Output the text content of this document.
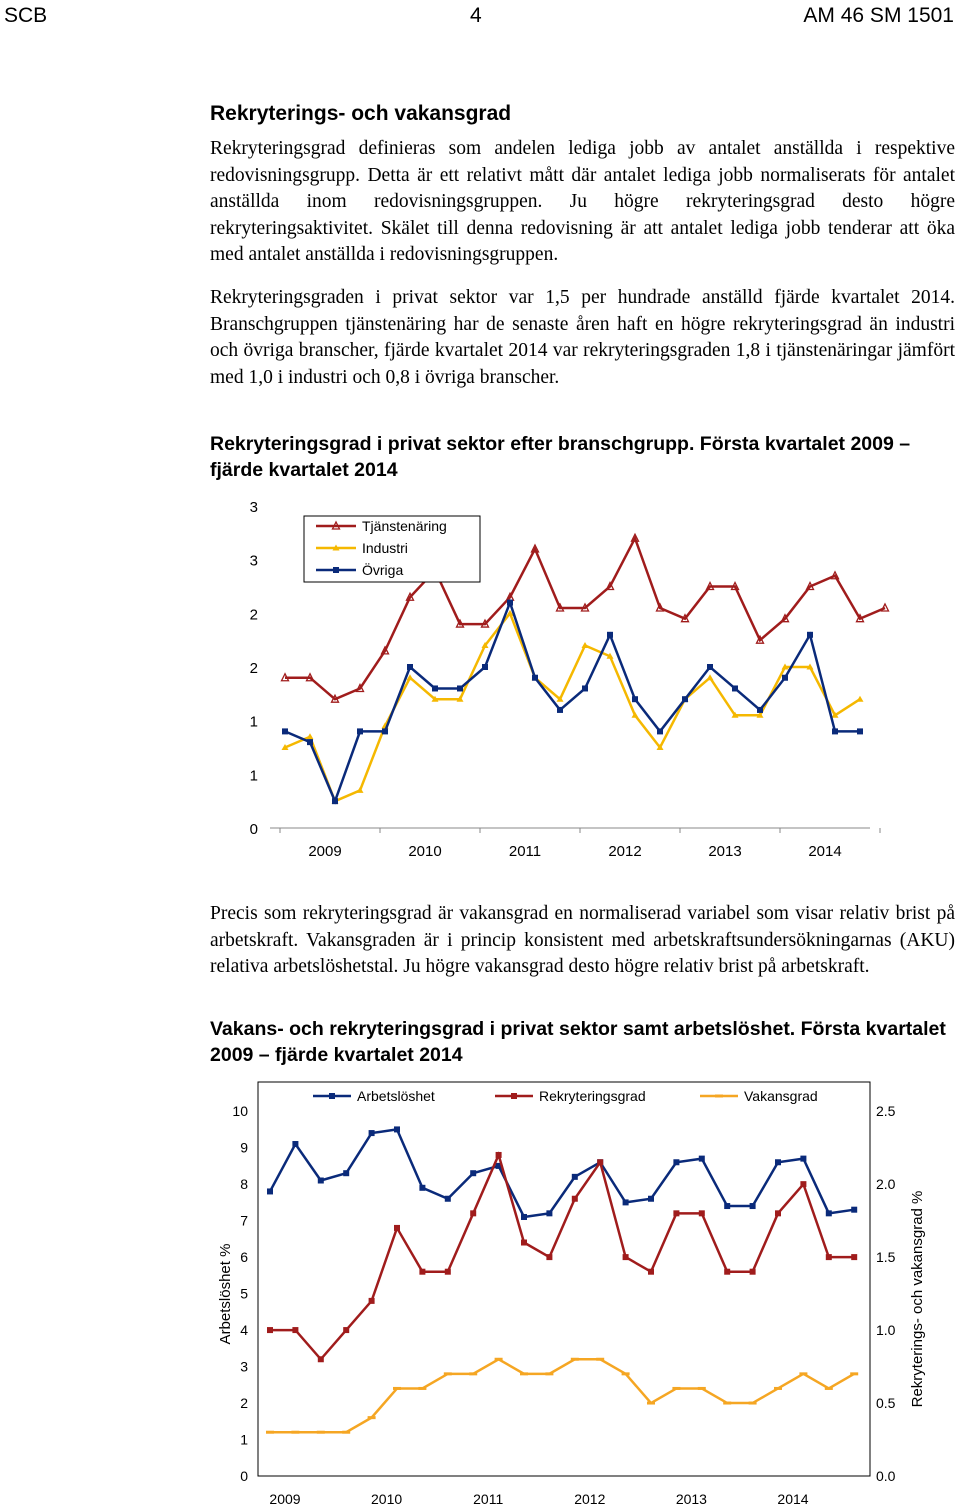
SCB	4	AM 46 SM 1501
Rekryterings- och vakansgrad

Rekryteringsgrad definieras som andelen lediga jobb av antalet anställda i respektive redovisningsgrupp. Detta är ett relativt mått där antalet lediga jobb normaliserats för antalet anställda inom redovisningsgruppen. Ju högre rekryteringsgrad desto högre rekryteringsaktivitet. Skälet till denna redovisning är att antalet lediga jobb tenderar att öka med antalet anställda i redovisningsgruppen.

Rekryteringsgraden i privat sektor var 1,5 per hundrade anställd fjärde kvartalet 2014. Branschgruppen tjänstenäring har de senaste åren haft en högre rekryteringsgrad än industri och övriga branscher, fjärde kvartalet 2014 var rekryteringsgraden 1,8 i tjänstenäringar jämfört med 1,0 i industri och 0,8 i övriga branscher.

Rekryteringsgrad i privat sektor efter branschgrupp. Första kvartalet 2009 – fjärde kvartalet 2014

0
1
1
2
2
3
3
2009	2010	2011	2012	2013	2014
Tjänstenäring
Industri
Övriga

Precis som rekryteringsgrad är vakansgrad en normaliserad variabel som visar relativ brist på arbetskraft. Vakansgraden är i princip konsistent med arbetskraftsundersökningarnas (AKU) relativa arbetslöshetstal. Ju högre vakansgrad desto högre relativ brist på arbetskraft.

Vakans- och rekryteringsgrad i privat sektor samt arbetslöshet. Första kvartalet 2009 – fjärde kvartalet 2014

0
1
2
3
4
5
6
7
8
9
10
0.0
0.5
1.0
1.5
2.0
2.5
2009	2010	2011	2012	2013	2014
Arbetslöshet %	Rekryterings- och vakansgrad %
Arbetslöshet	Rekryteringsgrad	Vakansgrad
